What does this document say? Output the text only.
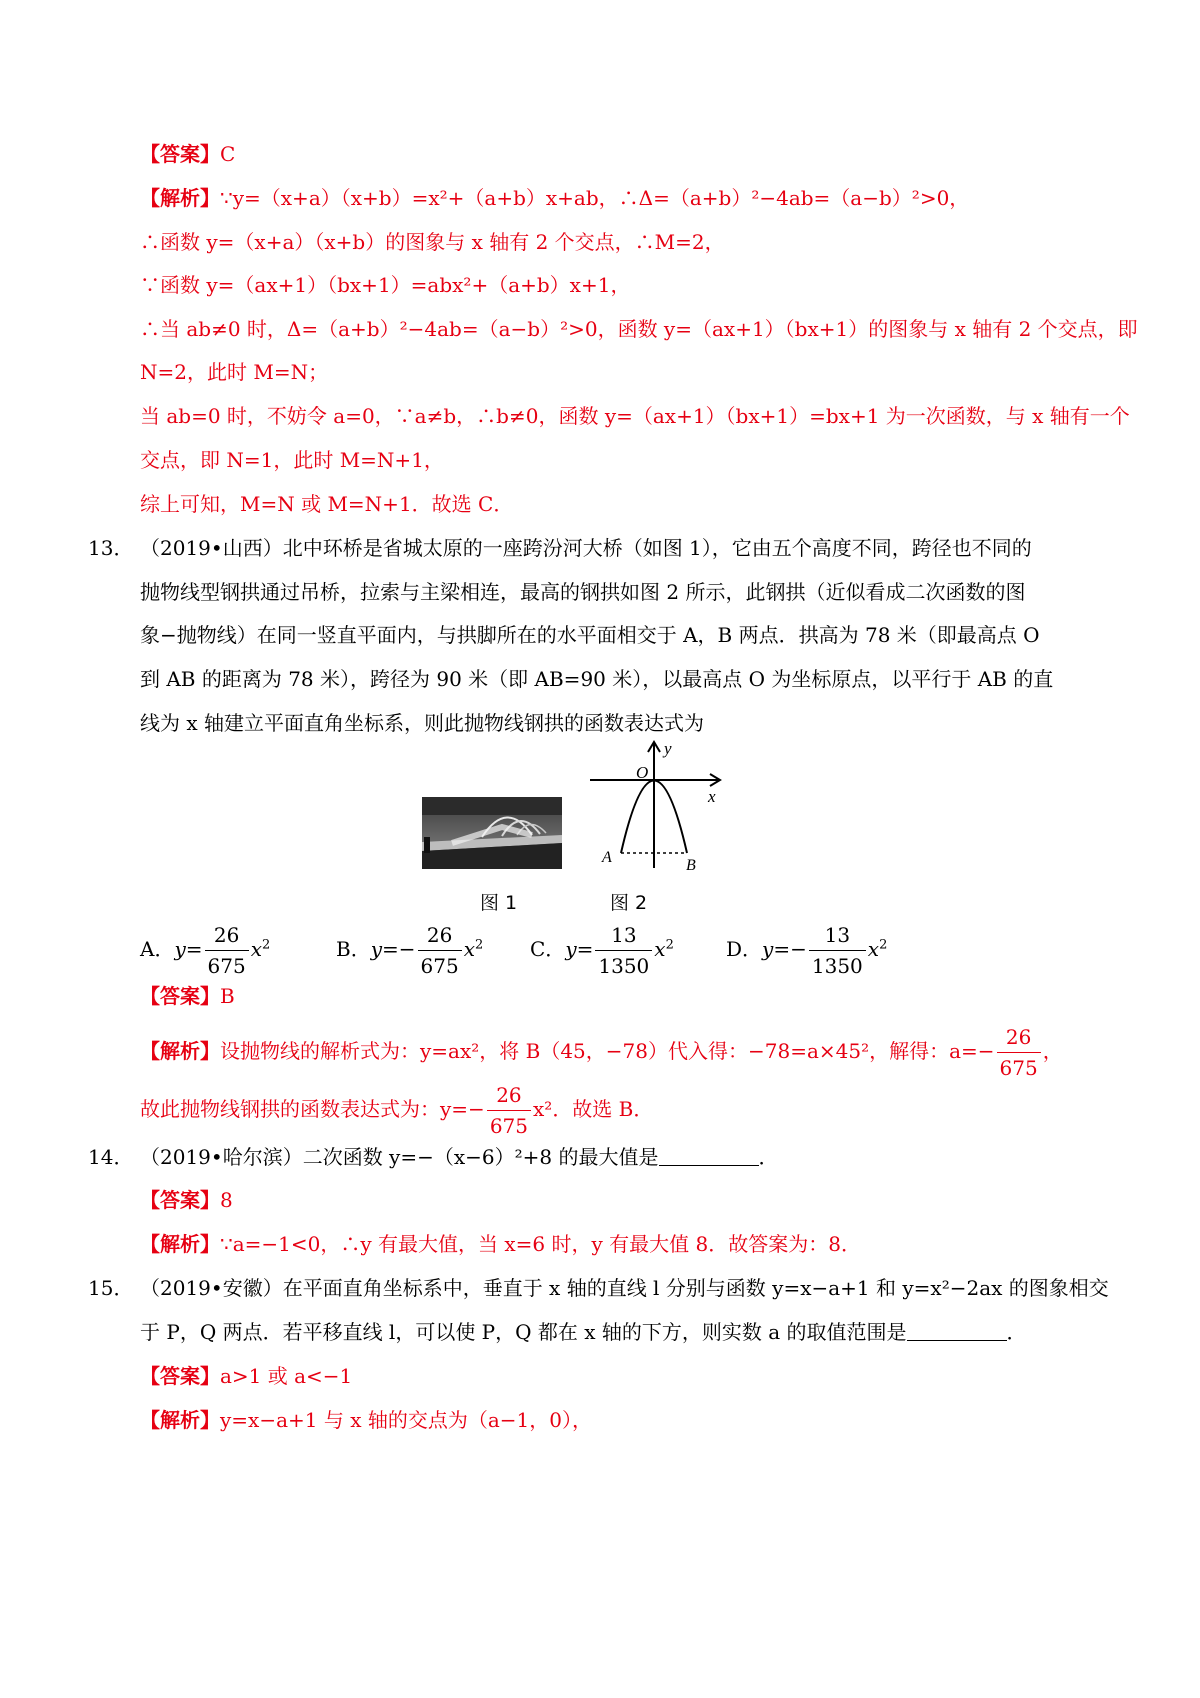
【答案】C
【解析】∵y=（x+a）（x+b）=x²+（a+b）x+ab，∴Δ=（a+b）²−4ab=（a−b）²>0，
∴函数 y=（x+a）（x+b）的图象与 x 轴有 2 个交点，∴M=2，
∵函数 y=（ax+1）（bx+1）=abx²+（a+b）x+1，
∴当 ab≠0 时，Δ=（a+b）²−4ab=（a−b）²>0，函数 y=（ax+1）（bx+1）的图象与 x 轴有 2 个交点，即
N=2，此时 M=N；
当 ab=0 时，不妨令 a=0，∵a≠b，∴b≠0，函数 y=（ax+1）（bx+1）=bx+1 为一次函数，与 x 轴有一个
交点，即 N=1，此时 M=N+1，
综上可知，M=N 或 M=N+1．故选 C．
13． （2019•山西）北中环桥是省城太原的一座跨汾河大桥（如图 1），它由五个高度不同，跨径也不同的
抛物线型钢拱通过吊桥，拉索与主梁相连，最高的钢拱如图 2 所示，此钢拱（近似看成二次函数的图
象−抛物线）在同一竖直平面内，与拱脚所在的水平面相交于 A，B 两点．拱高为 78 米（即最高点 O
到 AB 的距离为 78 米），跨径为 90 米（即 AB=90 米），以最高点 O 为坐标原点，以平行于 AB 的直
线为 x 轴建立平面直角坐标系，则此抛物线钢拱的函数表达式为
y
x
O
A	B
图 1	图 2
A．$y= \frac{26}{675} x^2$	B．$y=- \frac{26}{675} x^2$ C．$y= \frac{13}{1350} x^2$	D．$y=- \frac{13}{1350} x^2$
【答案】B
【解析】设抛物线的解析式为：y=ax²，将 B（45，−78）代入得：−78=a×45²，解得：$a=- \frac{26}{675}$ ，
故此抛物线钢拱的函数表达式为：$y=- \frac{26}{675} x^2$．故选 B．
14． （2019•哈尔滨）二次函数 y=−（x−6）²+8 的最大值是	．
【答案】8
【解析】∵a=−1<0，∴y 有最大值，当 x=6 时，y 有最大值 8．故答案为：8．
15． （2019•安徽）在平面直角坐标系中，垂直于 x 轴的直线 l 分别与函数 y=x−a+1 和 y=x²−2ax 的图象相交
于 P，Q 两点．若平移直线 l，可以使 P，Q 都在 x 轴的下方，则实数 a 的取值范围是	．
【答案】a>1 或 a<−1
【解析】y=x−a+1 与 x 轴的交点为（a−1，0），
